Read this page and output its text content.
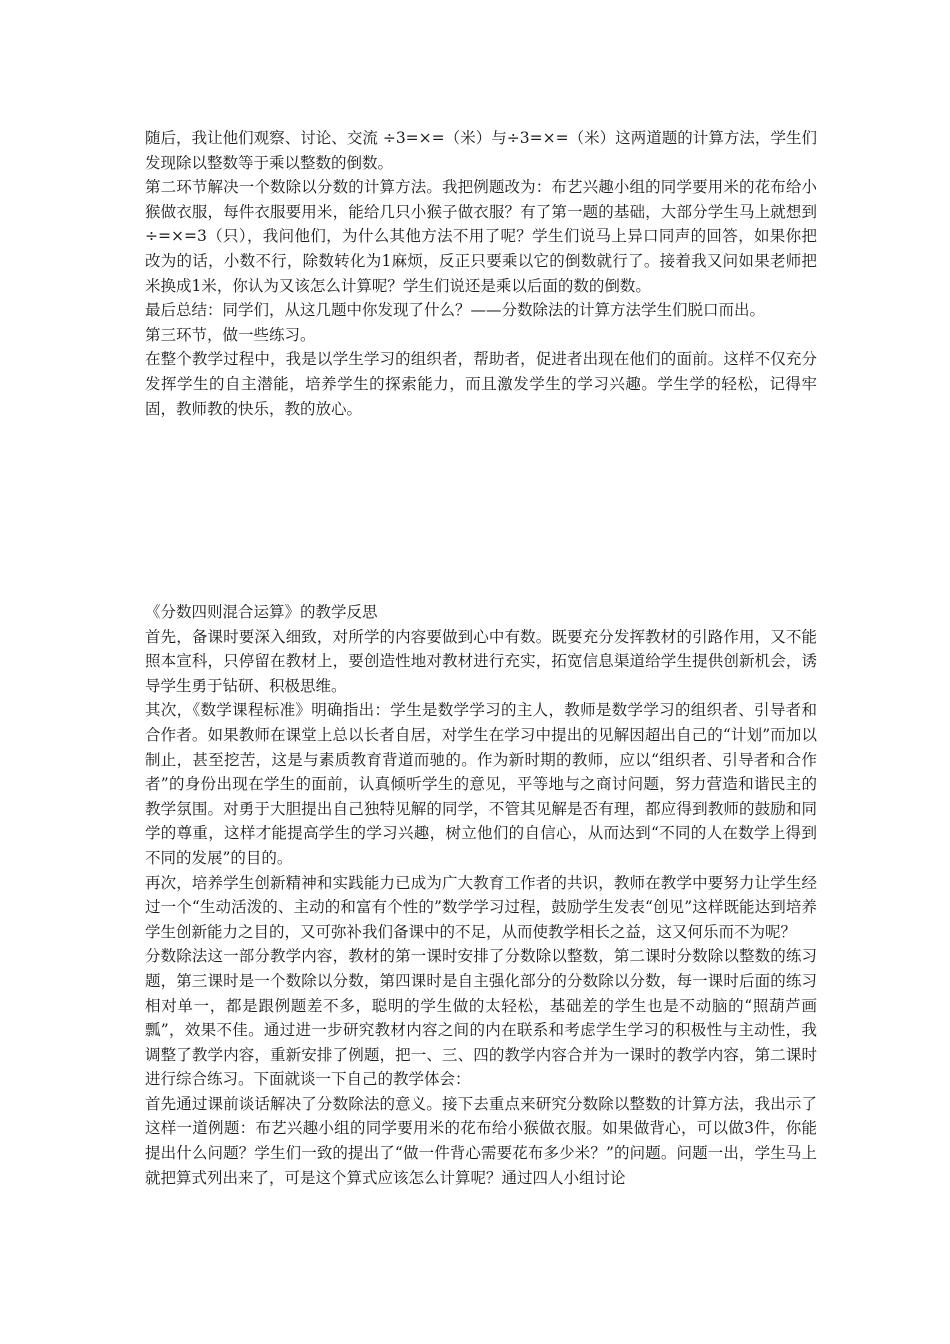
随后，我让他们观察、讨论、交流 ÷3=×=（米）与÷3=×=（米）这两道题的计算方法，学生们发现除以整数等于乘以整数的倒数。

第二环节解决一个数除以分数的计算方法。我把例题改为：布艺兴趣小组的同学要用米的花布给小猴做衣服，每件衣服要用米，能给几只小猴子做衣服？有了第一题的基础，大部分学生马上就想到÷=×=3（只），我问他们，为什么其他方法不用了呢？学生们说马上异口同声的回答，如果你把改为的话，小数不行，除数转化为1麻烦，反正只要乘以它的倒数就行了。接着我又问如果老师把米换成1米，你认为又该怎么计算呢？学生们说还是乘以后面的数的倒数。

最后总结：同学们，从这几题中你发现了什么？——分数除法的计算方法学生们脱口而出。

第三环节，做一些练习。

在整个教学过程中，我是以学生学习的组织者，帮助者，促进者出现在他们的面前。这样不仅充分发挥学生的自主潜能，培养学生的探索能力，而且激发学生的学习兴趣。学生学的轻松，记得牢固，教师教的快乐，教的放心。

《分数四则混合运算》的教学反思

首先，备课时要深入细致，对所学的内容要做到心中有数。既要充分发挥教材的引路作用，又不能照本宣科，只停留在教材上，要创造性地对教材进行充实，拓宽信息渠道给学生提供创新机会，诱导学生勇于钻研、积极思维。

其次，《数学课程标准》明确指出：学生是数学学习的主人，教师是数学学习的组织者、引导者和合作者。如果教师在课堂上总以长者自居，对学生在学习中提出的见解因超出自己的“计划”而加以制止，甚至挖苦，这是与素质教育背道而驰的。作为新时期的教师，应以“组织者、引导者和合作者”的身份出现在学生的面前，认真倾听学生的意见，平等地与之商讨问题，努力营造和谐民主的教学氛围。对勇于大胆提出自己独特见解的同学，不管其见解是否有理，都应得到教师的鼓励和同学的尊重，这样才能提高学生的学习兴趣，树立他们的自信心，从而达到“不同的人在数学上得到不同的发展”的目的。

再次，培养学生创新精神和实践能力已成为广大教育工作者的共识，教师在教学中要努力让学生经过一个“生动活泼的、主动的和富有个性的”数学学习过程，鼓励学生发表“创见”这样既能达到培养学生创新能力之目的，又可弥补我们备课中的不足，从而使教学相长之益，这又何乐而不为呢？

分数除法这一部分教学内容，教材的第一课时安排了分数除以整数，第二课时分数除以整数的练习题，第三课时是一个数除以分数，第四课时是自主强化部分的分数除以分数，每一课时后面的练习相对单一，都是跟例题差不多，聪明的学生做的太轻松，基础差的学生也是不动脑的“照葫芦画瓢”，效果不佳。通过进一步研究教材内容之间的内在联系和考虑学生学习的积极性与主动性，我调整了教学内容，重新安排了例题，把一、三、四的教学内容合并为一课时的教学内容，第二课时进行综合练习。下面就谈一下自己的教学体会：

首先通过课前谈话解决了分数除法的意义。接下去重点来研究分数除以整数的计算方法，我出示了这样一道例题：布艺兴趣小组的同学要用米的花布给小猴做衣服。如果做背心，可以做3件，你能提出什么问题？学生们一致的提出了“做一件背心需要花布多少米？”的问题。问题一出，学生马上就把算式列出来了，可是这个算式应该怎么计算呢？通过四人小组讨论
